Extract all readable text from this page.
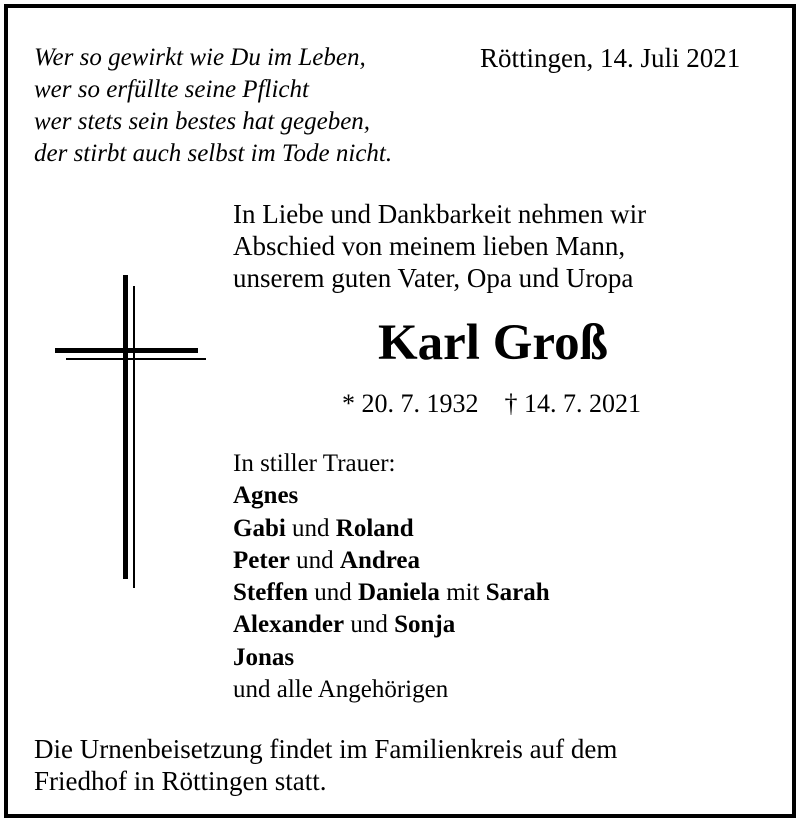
Wer so gewirkt wie Du im Leben,
wer so erfüllte seine Pflicht
wer stets sein bestes hat gegeben,
der stirbt auch selbst im Tode nicht.
Röttingen, 14. Juli 2021
In Liebe und Dankbarkeit nehmen wir
Abschied von meinem lieben Mann,
unserem guten Vater, Opa und Uropa
Karl Groß
* 20. 7. 1932 † 14. 7. 2021
In stiller Trauer:
Agnes
Gabi und Roland
Peter und Andrea
Steffen und Daniela mit Sarah
Alexander und Sonja
Jonas
und alle Angehörigen
Die Urnenbeisetzung findet im Familienkreis auf dem
Friedhof in Röttingen statt.
